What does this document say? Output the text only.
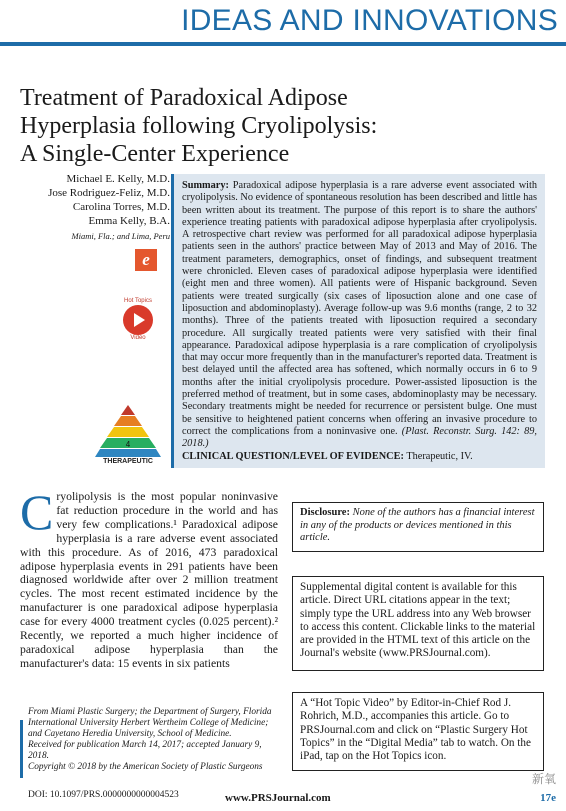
IDEAS AND INNOVATIONS
Treatment of Paradoxical Adipose
Hyperplasia following Cryolipolysis:
A Single-Center Experience
Michael E. Kelly, M.D.
Jose Rodriguez-Feliz, M.D.
Carolina Torres, M.D.
Emma Kelly, B.A.
Miami, Fla.; and Lima, Peru
e
Hot Topics
Video
4
THERAPEUTIC
Summary: Paradoxical adipose hyperplasia is a rare adverse event associated with cryolipolysis. No evidence of spontaneous resolution has been described and little has been written about its treatment. The purpose of this report is to share the authors' experience treating patients with paradoxical adipose hyperplasia after cryolipolysis. A retrospective chart review was performed for all paradoxical adipose hyperplasia patients seen in the authors' practice between May of 2013 and May of 2016. The treatment parameters, demographics, onset of findings, and subsequent treatment were chronicled. Eleven cases of paradoxical adipose hyperplasia were identified (eight men and three women). All patients were of Hispanic background. Seven patients were treated surgically (six cases of liposuction alone and one case of liposuction and abdominoplasty). Average follow-up was 9.6 months (range, 2 to 32 months). Three of the patients treated with liposuction required a secondary procedure. All surgically treated patients were very satisfied with their final appearance. Paradoxical adipose hyperplasia is a rare complication of cryolipolysis that may occur more frequently than in the manufacturer's reported data. Treatment is best delayed until the affected area has softened, which normally occurs in 6 to 9 months after the initial cryolipolysis procedure. Power-assisted liposuction is the preferred method of treatment, but in some cases, abdominoplasty may be necessary. Secondary treatments might be needed for recurrence or persistent bulge. One must be sensitive to heightened patient concerns when offering an invasive procedure to correct the complications from a noninvasive one. (Plast. Reconstr. Surg. 142: 89, 2018.)
CLINICAL QUESTION/LEVEL OF EVIDENCE: Therapeutic, IV.
Cryolipolysis is the most popular noninvasive fat reduction procedure in the world and has very few complications.¹ Paradoxical adipose hyperplasia is a rare adverse event associated with this procedure. As of 2016, 473 paradoxical adipose hyperplasia events in 291 patients have been diagnosed worldwide after over 2 million treatment cycles. The most recent estimated incidence by the manufacturer is one paradoxical adipose hyperplasia case for every 4000 treatment cycles (0.025 percent).² Recently, we reported a much higher incidence of paradoxical adipose hyperplasia than the manufacturer's data: 15 events in six patients
From Miami Plastic Surgery; the Department of Surgery, Florida International University Herbert Wertheim College of Medicine; and Cayetano Heredia University, School of Medicine.
Received for publication March 14, 2017; accepted January 9, 2018.
Copyright © 2018 by the American Society of Plastic Surgeons
DOI: 10.1097/PRS.0000000000004523
Disclosure: None of the authors has a financial interest in any of the products or devices mentioned in this article.
Supplemental digital content is available for this article. Direct URL citations appear in the text; simply type the URL address into any Web browser to access this content. Clickable links to the material are provided in the HTML text of this article on the Journal's website (www.PRSJournal.com).
A “Hot Topic Video” by Editor-in-Chief Rod J. Rohrich, M.D., accompanies this article. Go to PRSJournal.com and click on “Plastic Surgery Hot Topics” in the “Digital Media” tab to watch. On the iPad, tap on the Hot Topics icon.
www.PRSJournal.com
新氧
17e
